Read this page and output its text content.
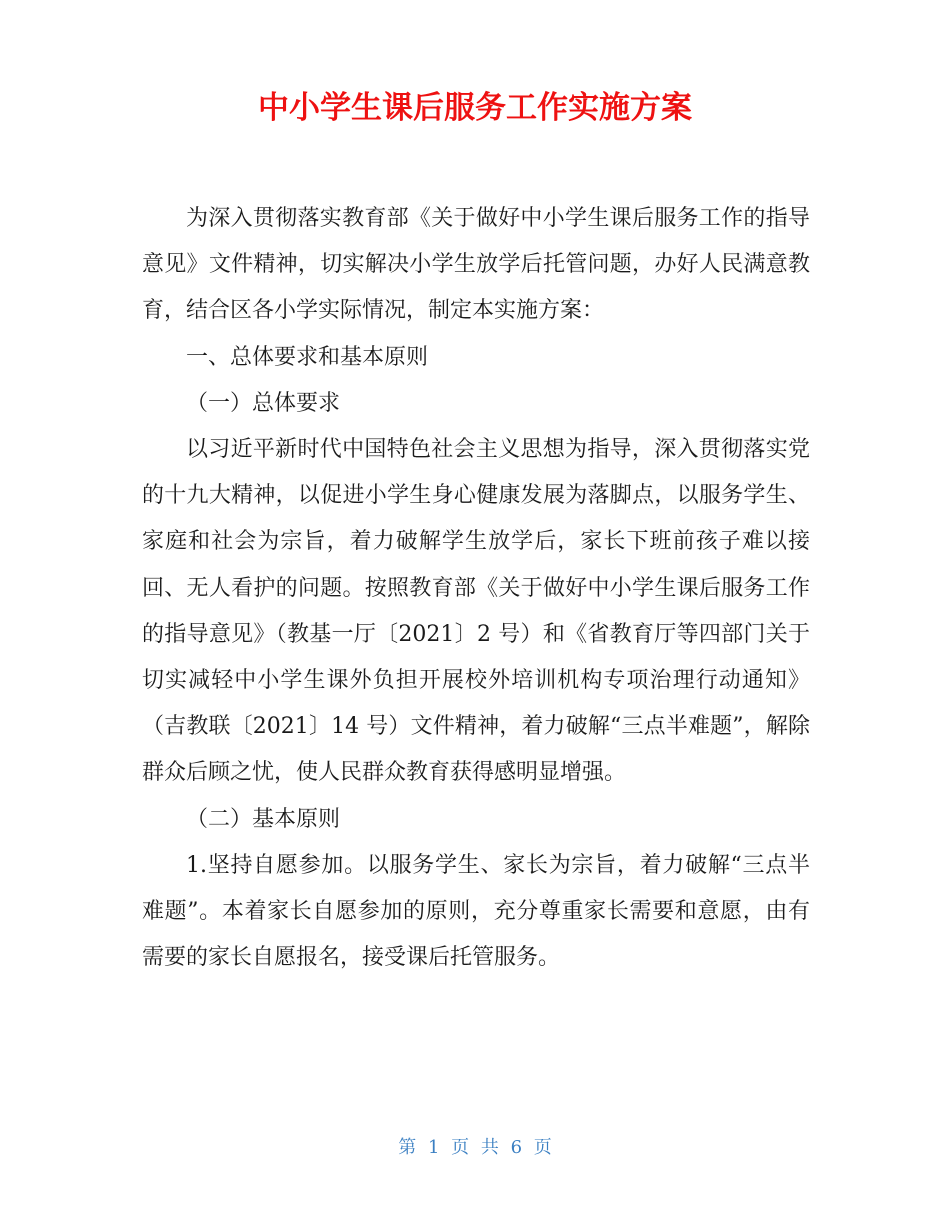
中小学生课后服务工作实施方案

为深入贯彻落实教育部《关于做好中小学生课后服务工作的指导意见》文件精神，切实解决小学生放学后托管问题，办好人民满意教育，结合区各小学实际情况，制定本实施方案：

一、总体要求和基本原则

（一）总体要求

以习近平新时代中国特色社会主义思想为指导，深入贯彻落实党的十九大精神，以促进小学生身心健康发展为落脚点，以服务学生、家庭和社会为宗旨，着力破解学生放学后，家长下班前孩子难以接回、无人看护的问题。按照教育部《关于做好中小学生课后服务工作的指导意见》（教基一厅〔2021〕2 号）和《省教育厅等四部门关于切实减轻中小学生课外负担开展校外培训机构专项治理行动通知》（吉教联〔2021〕14 号）文件精神，着力破解“三点半难题”，解除群众后顾之忧，使人民群众教育获得感明显增强。

（二）基本原则

1.坚持自愿参加。以服务学生、家长为宗旨，着力破解“三点半难题”。本着家长自愿参加的原则，充分尊重家长需要和意愿，由有需要的家长自愿报名，接受课后托管服务。

第 1 页 共 6 页
